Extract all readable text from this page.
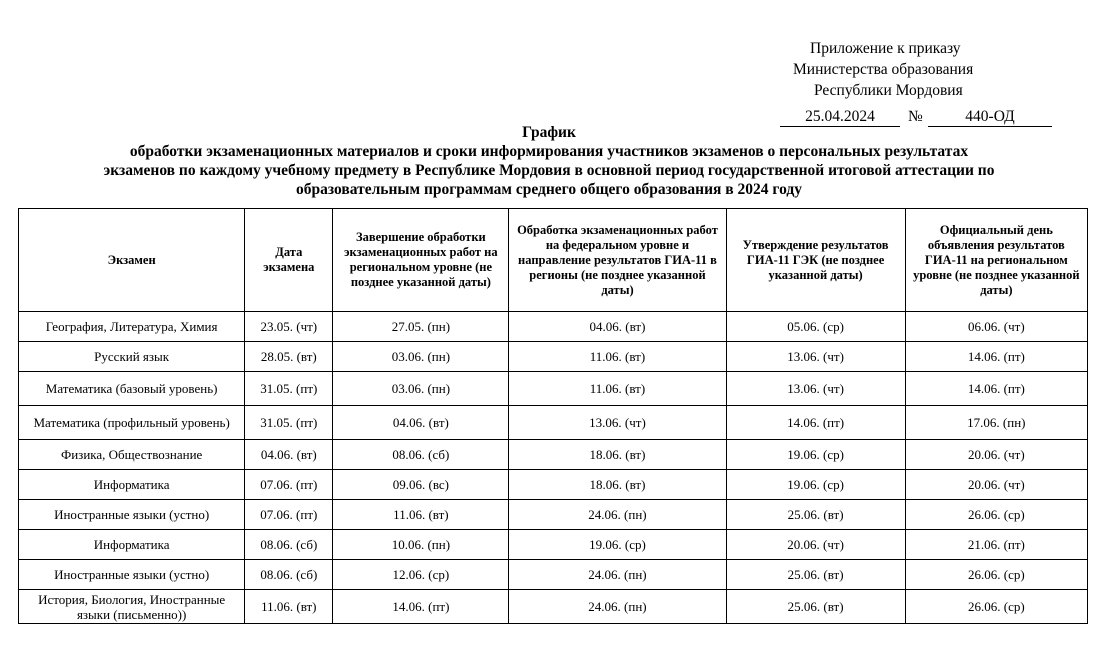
Приложение к приказу
Министерства образования
Республики Мордовия
25.04.2024	№	440-ОД
График
обработки экзаменационных материалов и сроки информирования участников экзаменов о персональных результатах
экзаменов по каждому учебному предмету в Республике Мордовия в основной период государственной итоговой аттестации по
образовательным программам среднего общего образования в 2024 году
Экзамен	Дата экзамена	Завершение обработки экзаменационных работ на региональном уровне (не позднее указанной даты)	Обработка экзаменационных работ на федеральном уровне и направление результатов ГИА-11 в регионы (не позднее указанной даты)	Утверждение результатов ГИА-11 ГЭК (не позднее указанной даты)	Официальный день объявления результатов ГИА-11 на региональном уровне (не позднее указанной даты)
География, Литература, Химия	23.05. (чт)	27.05. (пн)	04.06. (вт)	05.06. (ср)	06.06. (чт)
Русский язык	28.05. (вт)	03.06. (пн)	11.06. (вт)	13.06. (чт)	14.06. (пт)
Математика (базовый уровень)	31.05. (пт)	03.06. (пн)	11.06. (вт)	13.06. (чт)	14.06. (пт)
Математика (профильный уровень)	31.05. (пт)	04.06. (вт)	13.06. (чт)	14.06. (пт)	17.06. (пн)
Физика, Обществознание	04.06. (вт)	08.06. (сб)	18.06. (вт)	19.06. (ср)	20.06. (чт)
Информатика	07.06. (пт)	09.06. (вс)	18.06. (вт)	19.06. (ср)	20.06. (чт)
Иностранные языки (устно)	07.06. (пт)	11.06. (вт)	24.06. (пн)	25.06. (вт)	26.06. (ср)
Информатика	08.06. (сб)	10.06. (пн)	19.06. (ср)	20.06. (чт)	21.06. (пт)
Иностранные языки (устно)	08.06. (сб)	12.06. (ср)	24.06. (пн)	25.06. (вт)	26.06. (ср)
История, Биология, Иностранные языки (письменно))	11.06. (вт)	14.06. (пт)	24.06. (пн)	25.06. (вт)	26.06. (ср)
